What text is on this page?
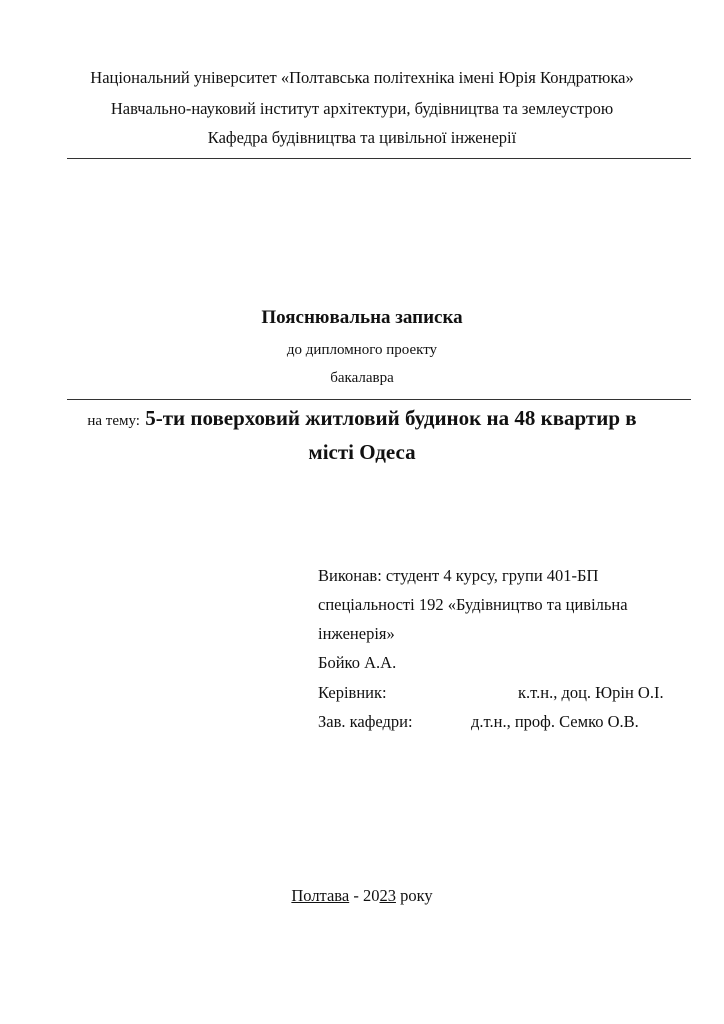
Національний університет «Полтавська політехніка імені Юрія Кондратюка»
Навчально-науковий інститут архітектури, будівництва та землеустрою
Кафедра будівництва та цивільної інженерії
Пояснювальна записка
до дипломного проекту
бакалавра
на тему: 5-ти поверховий житловий будинок на 48 квартир в
місті Одеса
Виконав: студент 4 курсу, групи 401-БП
спеціальності 192 «Будівництво та цивільна
інженерія»
Бойко А.А.
Керівник:	к.т.н., доц. Юрін О.І.
Зав. кафедри:	д.т.н., проф. Семко О.В.
Полтава - 2023 року
